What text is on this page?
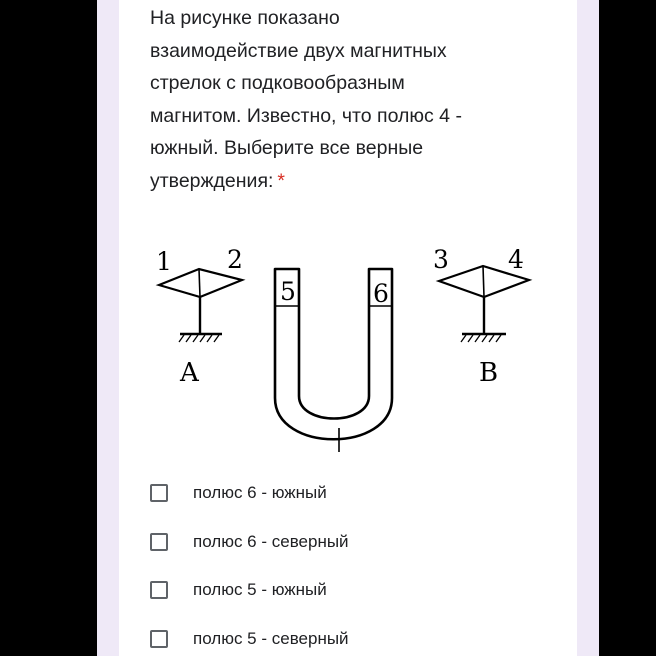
На рисунке показано
взаимодействие двух магнитных
стрелок с подковообразным
магнитом. Известно, что полюс 4 -
южный. Выберите все верные
утверждения: *
1 2
A
3 4
B
5	6
полюс 6 - южный
полюс 6 - северный
полюс 5 - южный
полюс 5 - северный
